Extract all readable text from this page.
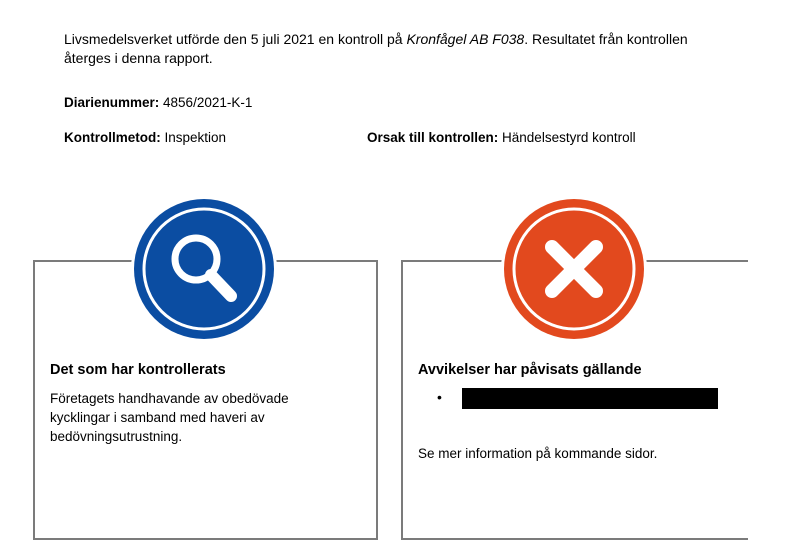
Livsmedelsverket utförde den 5 juli 2021 en kontroll på Kronfågel AB F038. Resultatet från kontrollen återges i denna rapport.
Diarienummer: 4856/2021-K-1
Kontrollmetod: Inspektion	Orsak till kontrollen: Händelsestyrd kontroll
Det som har kontrollerats
Företagets handhavande av obedövade kycklingar i samband med haveri av bedövningsutrustning.
Avvikelser har påvisats gällande
•
Se mer information på kommande sidor.
